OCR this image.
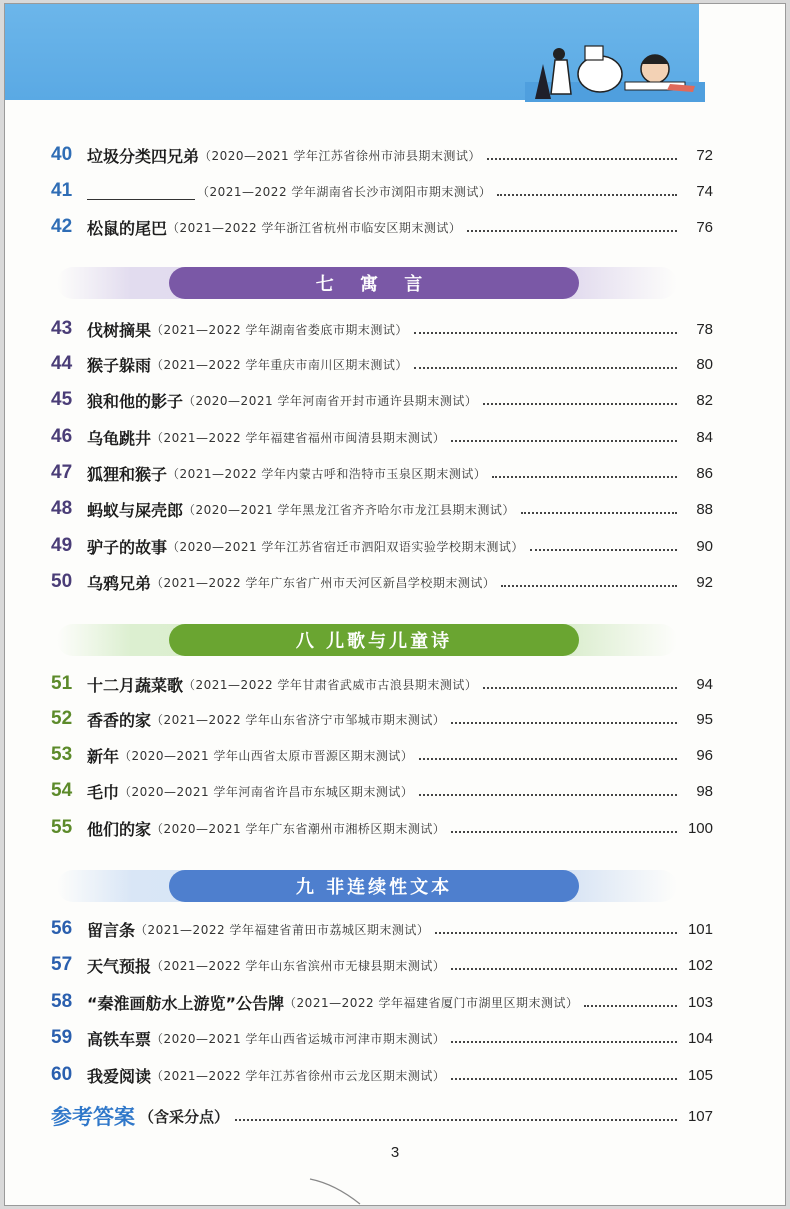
40 垃圾分类四兄弟 （2020—2021 学年江苏省徐州市沛县期末测试）	72
41	（2021—2022 学年湖南省长沙市浏阳市期末测试）	74
42 松鼠的尾巴 （2021—2022 学年浙江省杭州市临安区期末测试）	76
七 寓 言
43 伐树摘果 （2021—2022 学年湖南省娄底市期末测试）	78
44 猴子躲雨 （2021—2022 学年重庆市南川区期末测试）	80
45 狼和他的影子 （2020—2021 学年河南省开封市通许县期末测试）	82
46 乌龟跳井 （2021—2022 学年福建省福州市闽清县期末测试）	84
47 狐狸和猴子 （2021—2022 学年内蒙古呼和浩特市玉泉区期末测试）	86
48 蚂蚁与屎壳郎 （2020—2021 学年黑龙江省齐齐哈尔市龙江县期末测试）	88
49 驴子的故事 （2020—2021 学年江苏省宿迁市泗阳双语实验学校期末测试）	90
50 乌鸦兄弟 （2021—2022 学年广东省广州市天河区新昌学校期末测试）	92
八 儿歌与儿童诗
51 十二月蔬菜歌 （2021—2022 学年甘肃省武威市古浪县期末测试）	94
52 香香的家 （2021—2022 学年山东省济宁市邹城市期末测试）	95
53 新年 （2020—2021 学年山西省太原市晋源区期末测试）	96
54 毛巾 （2020—2021 学年河南省许昌市东城区期末测试）	98
55 他们的家 （2020—2021 学年广东省潮州市湘桥区期末测试）	100
九 非连续性文本
56 留言条 （2021—2022 学年福建省莆田市荔城区期末测试）	101
57 天气预报 （2021—2022 学年山东省滨州市无棣县期末测试）	102
58 “秦淮画舫水上游览”公告牌 （2021—2022 学年福建省厦门市湖里区期末测试）	103
59 高铁车票 （2020—2021 学年山西省运城市河津市期末测试）	104
60 我爱阅读 （2021—2022 学年江苏省徐州市云龙区期末测试）	105
参考答案 （含采分点）	107
3
